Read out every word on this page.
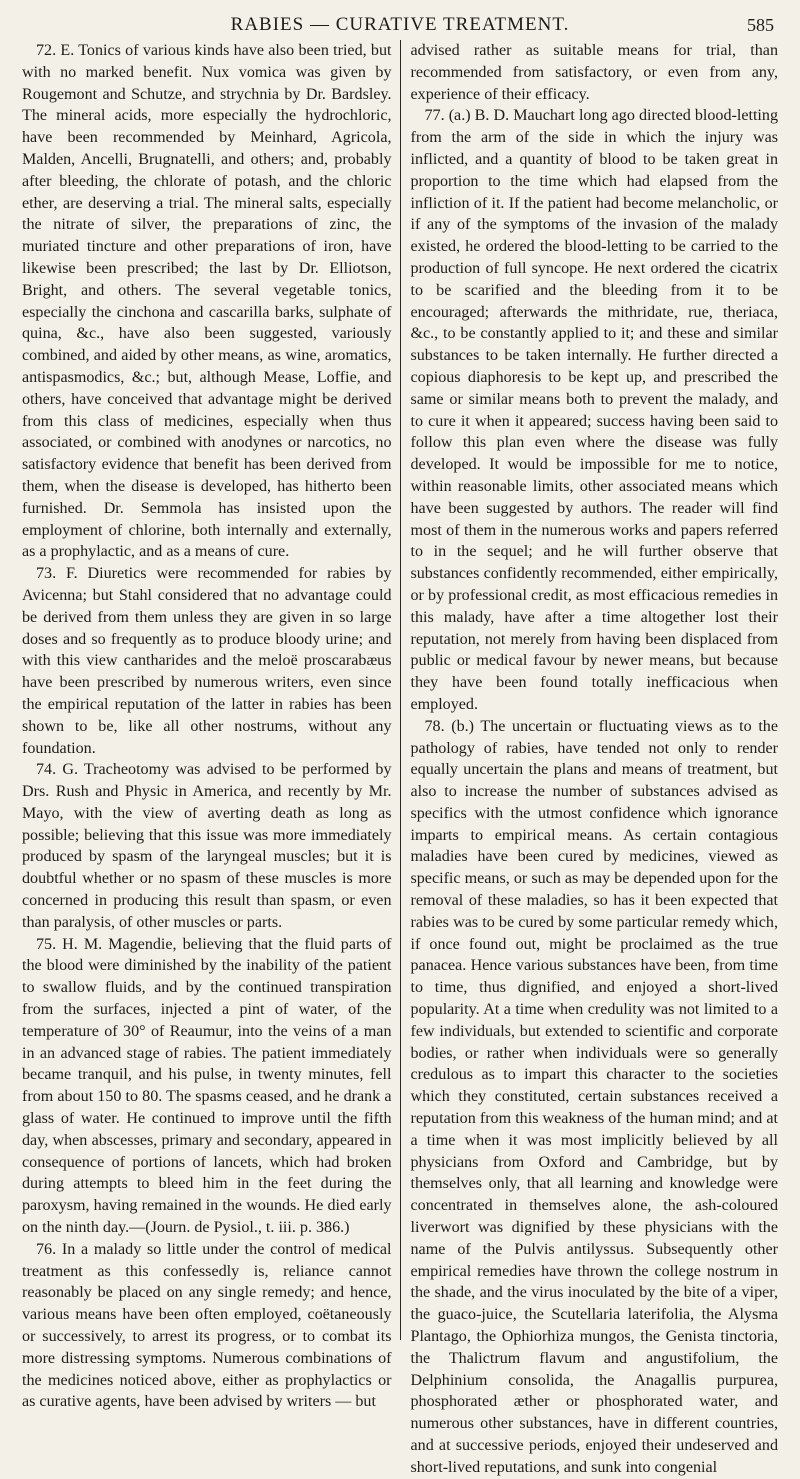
RABIES — CURATIVE TREATMENT.	585

72. E. Tonics of various kinds have also been tried, but with no marked benefit. Nux vomica was given by Rougemont and Schutze, and strychnia by Dr. Bardsley. The mineral acids, more especially the hydrochloric, have been recommended by Meinhard, Agricola, Malden, Ancelli, Brugnatelli, and others; and, probably after bleeding, the chlorate of potash, and the chloric ether, are deserving a trial. The mineral salts, especially the nitrate of silver, the preparations of zinc, the muriated tincture and other preparations of iron, have likewise been prescribed; the last by Dr. Elliotson, Bright, and others. The several vegetable tonics, especially the cinchona and cascarilla barks, sulphate of quina, &c., have also been suggested, variously combined, and aided by other means, as wine, aromatics, antispasmodics, &c.; but, although Mease, Loffie, and others, have conceived that advantage might be derived from this class of medicines, especially when thus associated, or combined with anodynes or narcotics, no satisfactory evidence that benefit has been derived from them, when the disease is developed, has hitherto been furnished. Dr. Semmola has insisted upon the employment of chlorine, both internally and externally, as a prophylactic, and as a means of cure.

73. F. Diuretics were recommended for rabies by Avicenna; but Stahl considered that no advantage could be derived from them unless they are given in so large doses and so frequently as to produce bloody urine; and with this view cantharides and the meloë proscarabæus have been prescribed by numerous writers, even since the empirical reputation of the latter in rabies has been shown to be, like all other nostrums, without any foundation.

74. G. Tracheotomy was advised to be performed by Drs. Rush and Physic in America, and recently by Mr. Mayo, with the view of averting death as long as possible; believing that this issue was more immediately produced by spasm of the laryngeal muscles; but it is doubtful whether or no spasm of these muscles is more concerned in producing this result than spasm, or even than paralysis, of other muscles or parts.

75. H. M. Magendie, believing that the fluid parts of the blood were diminished by the inability of the patient to swallow fluids, and by the continued transpiration from the surfaces, injected a pint of water, of the temperature of 30° of Reaumur, into the veins of a man in an advanced stage of rabies. The patient immediately became tranquil, and his pulse, in twenty minutes, fell from about 150 to 80. The spasms ceased, and he drank a glass of water. He continued to improve until the fifth day, when abscesses, primary and secondary, appeared in consequence of portions of lancets, which had broken during attempts to bleed him in the feet during the paroxysm, having remained in the wounds. He died early on the ninth day.—(Journ. de Pysiol., t. iii. p. 386.)

76. In a malady so little under the control of medical treatment as this confessedly is, reliance cannot reasonably be placed on any single remedy; and hence, various means have been often employed, coëtaneously or successively, to arrest its progress, or to combat its more distressing symptoms. Numerous combinations of the medicines noticed above, either as prophylactics or as curative agents, have been advised by writers — but

advised rather as suitable means for trial, than recommended from satisfactory, or even from any, experience of their efficacy.

77. (a.) B. D. Mauchart long ago directed blood-letting from the arm of the side in which the injury was inflicted, and a quantity of blood to be taken great in proportion to the time which had elapsed from the infliction of it. If the patient had become melancholic, or if any of the symptoms of the invasion of the malady existed, he ordered the blood-letting to be carried to the production of full syncope. He next ordered the cicatrix to be scarified and the bleeding from it to be encouraged; afterwards the mithridate, rue, theriaca, &c., to be constantly applied to it; and these and similar substances to be taken internally. He further directed a copious diaphoresis to be kept up, and prescribed the same or similar means both to prevent the malady, and to cure it when it appeared; success having been said to follow this plan even where the disease was fully developed. It would be impossible for me to notice, within reasonable limits, other associated means which have been suggested by authors. The reader will find most of them in the numerous works and papers referred to in the sequel; and he will further observe that substances confidently recommended, either empirically, or by professional credit, as most efficacious remedies in this malady, have after a time altogether lost their reputation, not merely from having been displaced from public or medical favour by newer means, but because they have been found totally inefficacious when employed.

78. (b.) The uncertain or fluctuating views as to the pathology of rabies, have tended not only to render equally uncertain the plans and means of treatment, but also to increase the number of substances advised as specifics with the utmost confidence which ignorance imparts to empirical means. As certain contagious maladies have been cured by medicines, viewed as specific means, or such as may be depended upon for the removal of these maladies, so has it been expected that rabies was to be cured by some particular remedy which, if once found out, might be proclaimed as the true panacea. Hence various substances have been, from time to time, thus dignified, and enjoyed a short-lived popularity. At a time when credulity was not limited to a few individuals, but extended to scientific and corporate bodies, or rather when individuals were so generally credulous as to impart this character to the societies which they constituted, certain substances received a reputation from this weakness of the human mind; and at a time when it was most implicitly believed by all physicians from Oxford and Cambridge, but by themselves only, that all learning and knowledge were concentrated in themselves alone, the ash-coloured liverwort was dignified by these physicians with the name of the Pulvis antilyssus. Subsequently other empirical remedies have thrown the college nostrum in the shade, and the virus inoculated by the bite of a viper, the guaco-juice, the Scutellaria laterifolia, the Alysma Plantago, the Ophiorhiza mungos, the Genista tinctoria, the Thalictrum flavum and angustifolium, the Delphinium consolida, the Anagallis purpurea, phosphorated æther or phosphorated water, and numerous other substances, have in different countries, and at successive periods, enjoyed their undeserved and short-lived reputations, and sunk into congenial
